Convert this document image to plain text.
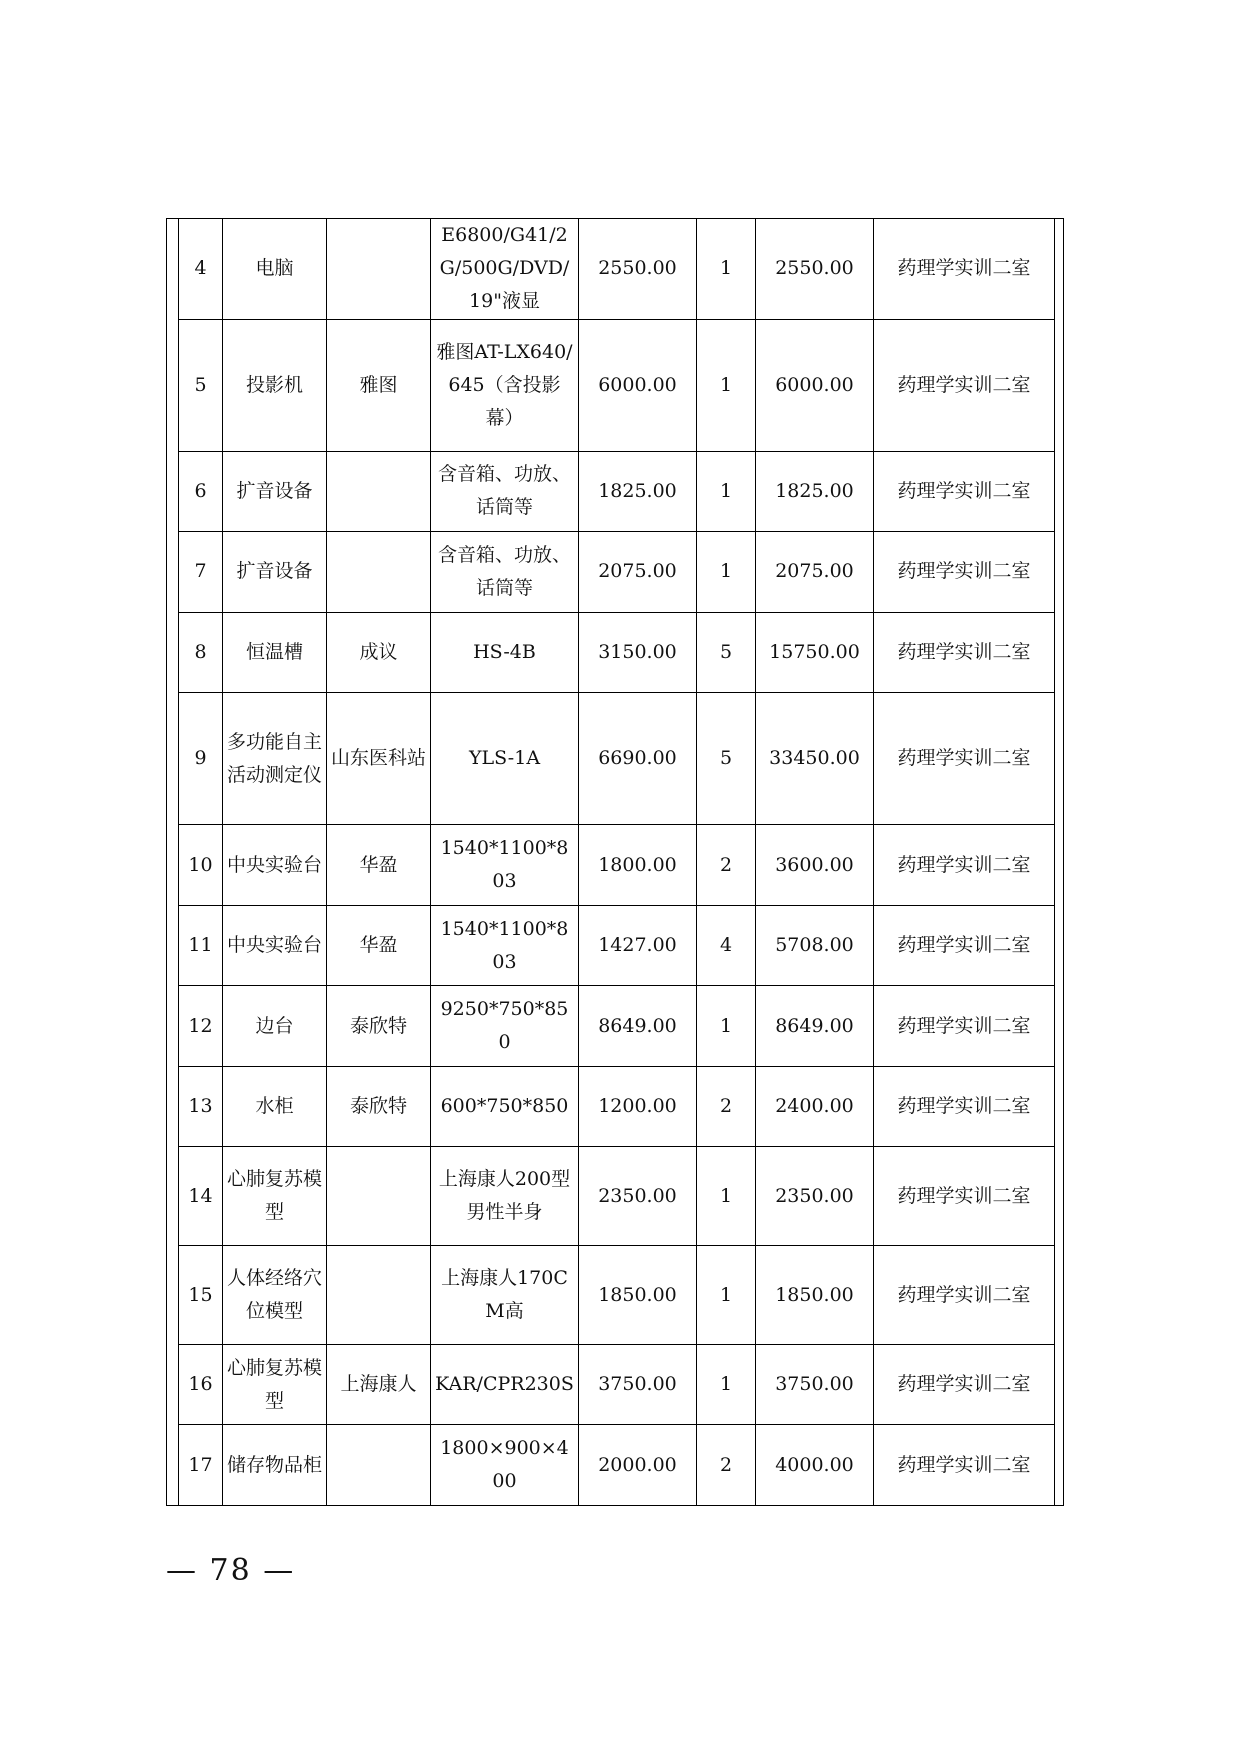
4	电脑		E6800/G41/2G/500G/DVD/19"液显	2550.00	1	2550.00	药理学实训二室
5	投影机	雅图	雅图AT-LX640/645（含投影幕）	6000.00	1	6000.00	药理学实训二室
6	扩音设备		含音箱、功放、话筒等	1825.00	1	1825.00	药理学实训二室
7	扩音设备		含音箱、功放、话筒等	2075.00	1	2075.00	药理学实训二室
8	恒温槽	成议	HS-4B	3150.00	5	15750.00	药理学实训二室
9	多功能自主活动测定仪	山东医科站	YLS-1A	6690.00	5	33450.00	药理学实训二室
10	中央实验台	华盈	1540*1100*803	1800.00	2	3600.00	药理学实训二室
11	中央实验台	华盈	1540*1100*803	1427.00	4	5708.00	药理学实训二室
12	边台	泰欣特	9250*750*850	8649.00	1	8649.00	药理学实训二室
13	水柜	泰欣特	600*750*850	1200.00	2	2400.00	药理学实训二室
14	心肺复苏模型		上海康人200型 男性半身	2350.00	1	2350.00	药理学实训二室
15	人体经络穴位模型		上海康人170CM高	1850.00	1	1850.00	药理学实训二室
16	心肺复苏模型	上海康人	KAR/CPR230S	3750.00	1	3750.00	药理学实训二室
17	储存物品柜		1800×900×400	2000.00	2	4000.00	药理学实训二室
— 78 —
